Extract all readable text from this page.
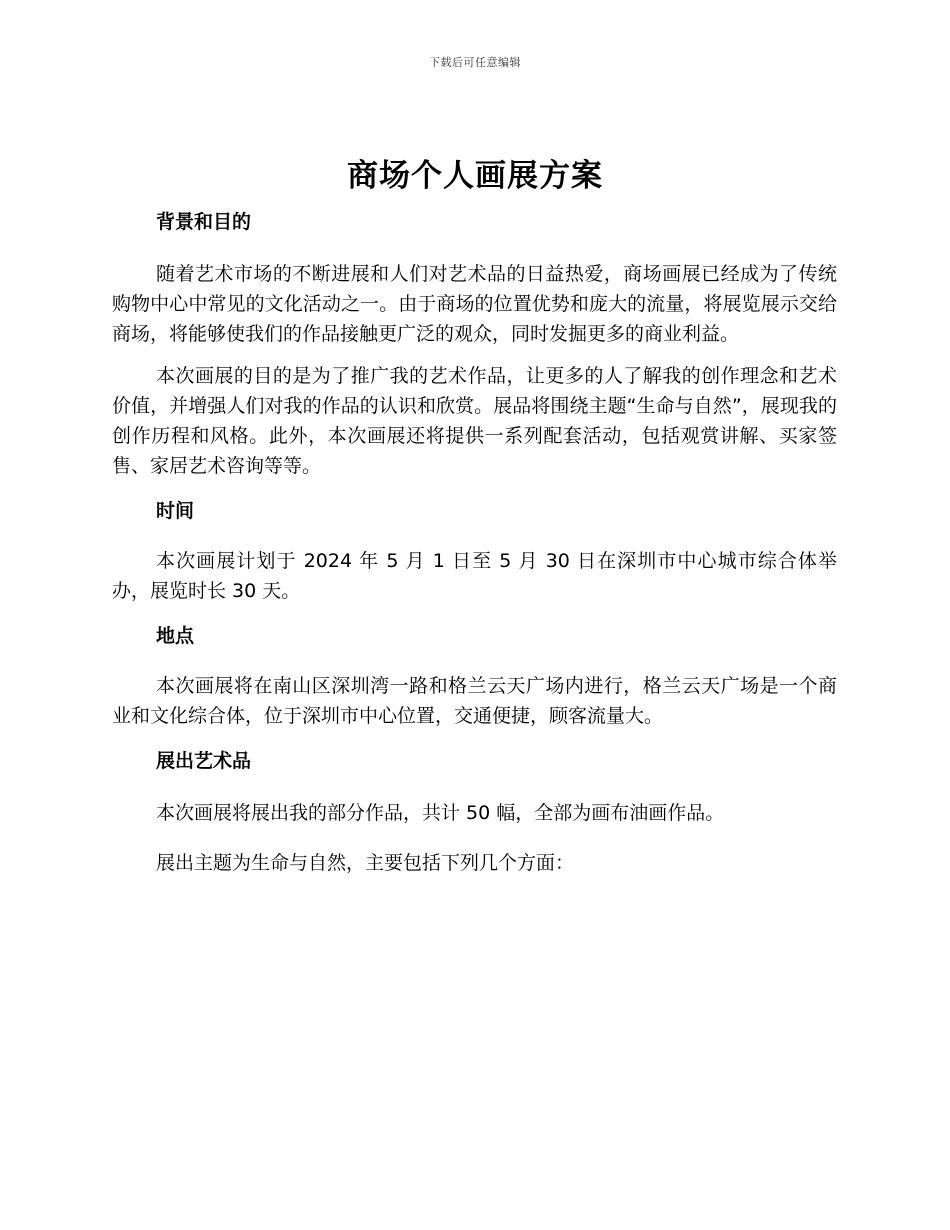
下载后可任意编辑
商场个人画展方案
背景和目的

随着艺术市场的不断进展和人们对艺术品的日益热爱，商场画展已经成为了传统购物中心中常见的文化活动之一。由于商场的位置优势和庞大的流量，将展览展示交给商场，将能够使我们的作品接触更广泛的观众，同时发掘更多的商业利益。

本次画展的目的是为了推广我的艺术作品，让更多的人了解我的创作理念和艺术价值，并增强人们对我的作品的认识和欣赏。展品将围绕主题“生命与自然”，展现我的创作历程和风格。此外，本次画展还将提供一系列配套活动，包括观赏讲解、买家签售、家居艺术咨询等等。

时间

本次画展计划于 2024 年 5 月 1 日至 5 月 30 日在深圳市中心城市综合体举办，展览时长 30 天。

地点

本次画展将在南山区深圳湾一路和格兰云天广场内进行，格兰云天广场是一个商业和文化综合体，位于深圳市中心位置，交通便捷，顾客流量大。

展出艺术品

本次画展将展出我的部分作品，共计 50 幅，全部为画布油画作品。

展出主题为生命与自然，主要包括下列几个方面：
